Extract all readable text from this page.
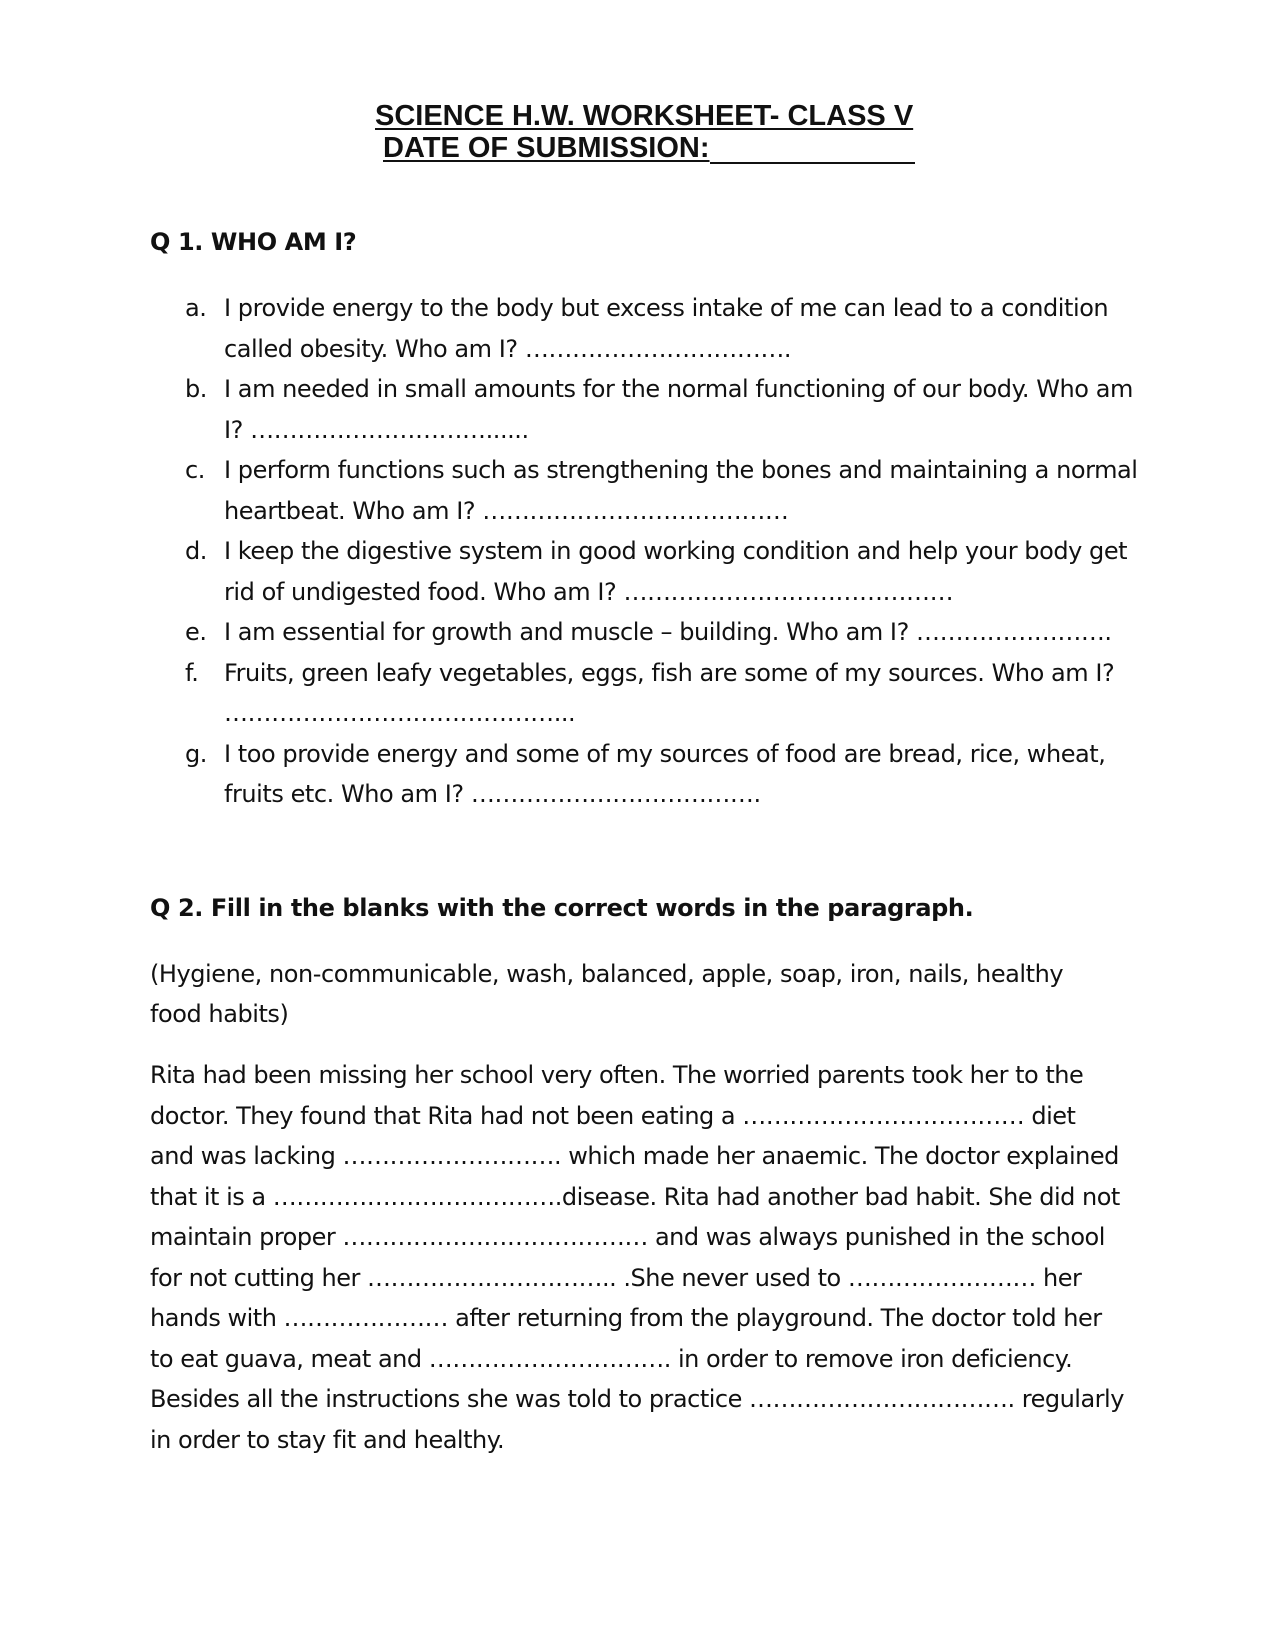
SCIENCE H.W. WORKSHEET- CLASS V
DATE OF SUBMISSION:
Q 1. WHO AM I?
a. I provide energy to the body but excess intake of me can lead to a condition called obesity. Who am I? …………………………….
b. I am needed in small amounts for the normal functioning of our body. Who am I? …………………………......
c. I perform functions such as strengthening the bones and maintaining a normal heartbeat. Who am I? …………………………………
d. I keep the digestive system in good working condition and help your body get rid of undigested food. Who am I? ……………………………………
e. I am essential for growth and muscle – building. Who am I? …………………….
f. Fruits, green leafy vegetables, eggs, fish are some of my sources. Who am I? ……………………………………...
g. I too provide energy and some of my sources of food are bread, rice, wheat, fruits etc. Who am I? ……………………………….
Q 2. Fill in the blanks with the correct words in the paragraph.
(Hygiene, non-communicable, wash, balanced, apple, soap, iron, nails, healthy food habits)

Rita had been missing her school very often. The worried parents took her to the doctor. They found that Rita had not been eating a ……………………………… diet and was lacking ………………………. which made her anaemic. The doctor explained that it is a ……………………………….disease. Rita had another bad habit. She did not maintain proper ………………………………… and was always punished in the school for not cutting her ………………………….. .She never used to …………………… her hands with ………………… after returning from the playground. The doctor told her to eat guava, meat and …………………………. in order to remove iron deficiency. Besides all the instructions she was told to practice ……………………………. regularly in order to stay fit and healthy.
